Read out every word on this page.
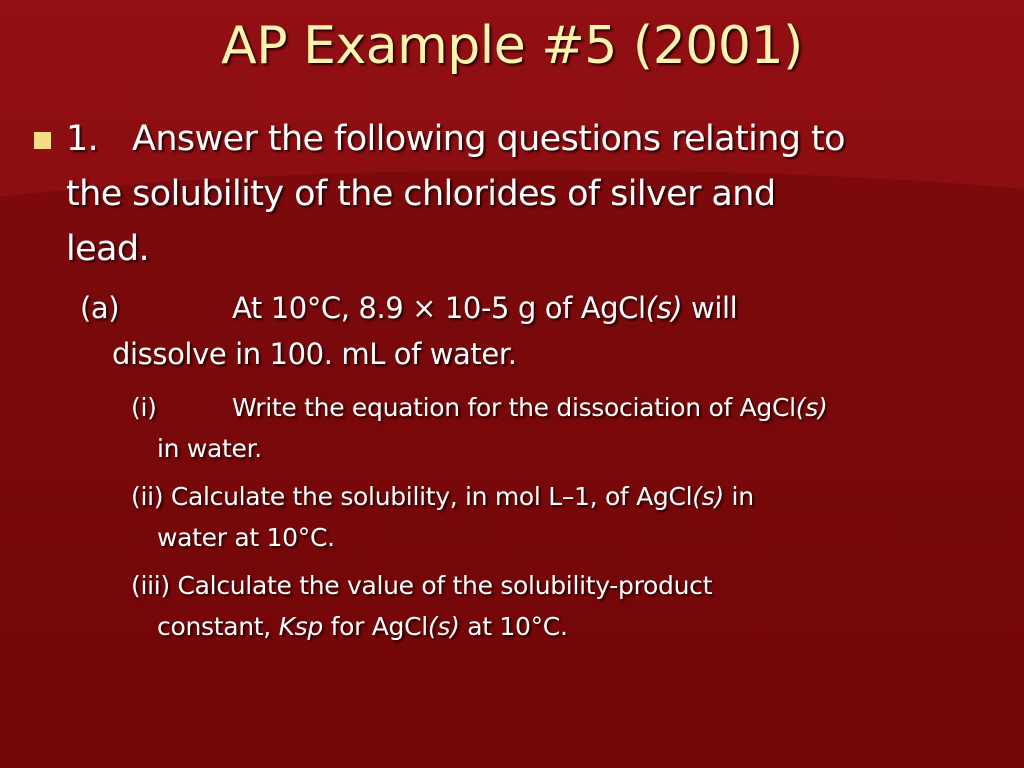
AP Example #5 (2001)
1. Answer the following questions relating to
the solubility of the chlorides of silver and
lead.
(a)	At 10°C, 8.9 × 10-5 g of AgCl(s) will
dissolve in 100. mL of water.
(i)	Write the equation for the dissociation of AgCl(s)
in water.
(ii) Calculate the solubility, in mol L–1, of AgCl(s) in
water at 10°C.
(iii) Calculate the value of the solubility-product
constant, Ksp for AgCl(s) at 10°C.
